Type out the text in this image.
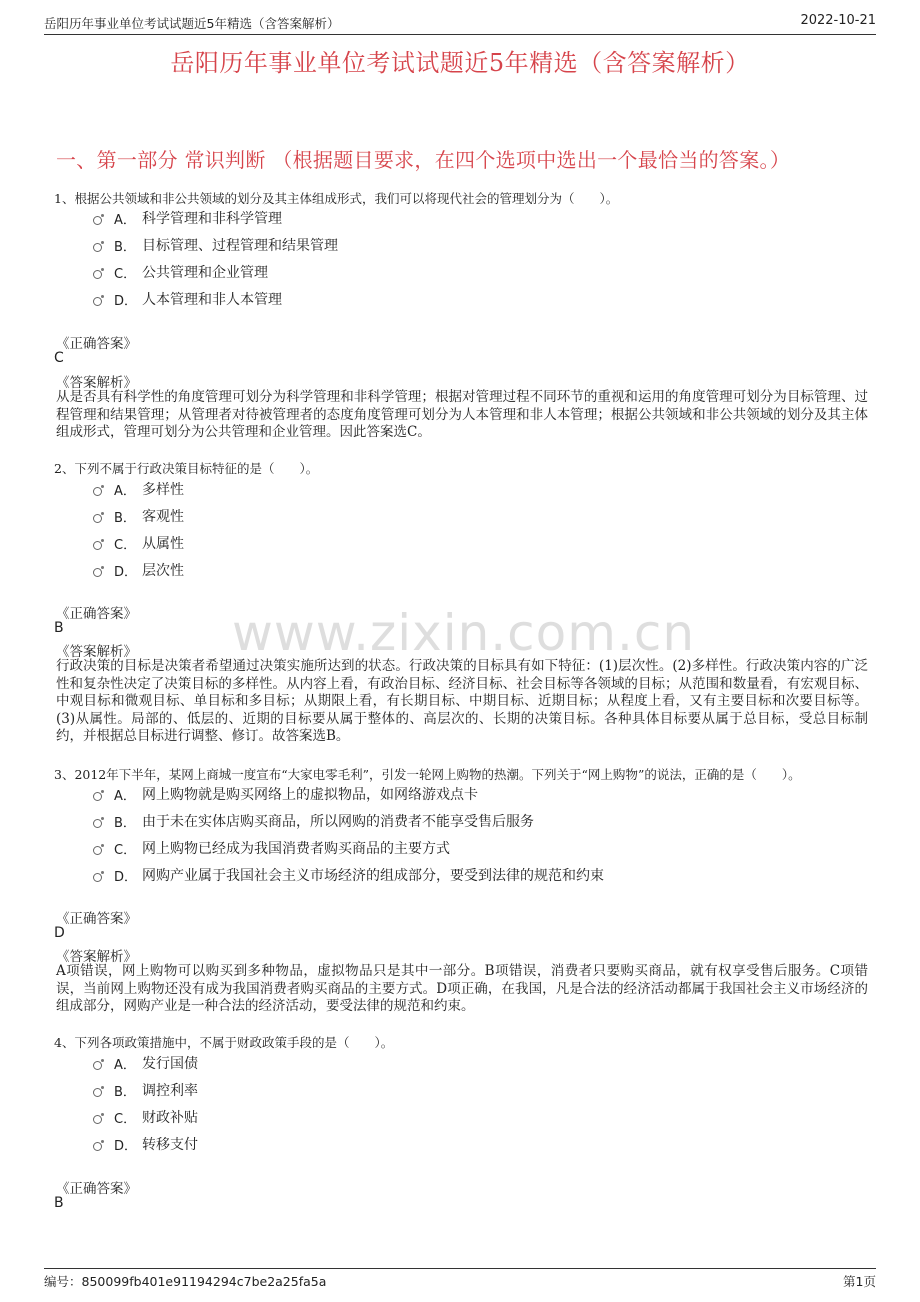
岳阳历年事业单位考试试题近5年精选（含答案解析）	2022-10-21
岳阳历年事业单位考试试题近5年精选（含答案解析）
一、第一部分 常识判断 （根据题目要求，在四个选项中选出一个最恰当的答案。）
www.zixin.com.cn
1、根据公共领域和非公共领域的划分及其主体组成形式，我们可以将现代社会的管理划分为（　　）。
A． 科学管理和非科学管理
B． 目标管理、过程管理和结果管理
C． 公共管理和企业管理
D． 人本管理和非人本管理
《正确答案》
C
《答案解析》
从是否具有科学性的角度管理可划分为科学管理和非科学管理；根据对管理过程不同环节的重视和运用的角度管理可划分为目标管理、过程管理和结果管理；从管理者对待被管理者的态度角度管理可划分为人本管理和非人本管理；根据公共领域和非公共领域的划分及其主体组成形式，管理可划分为公共管理和企业管理。因此答案选C。
2、下列不属于行政决策目标特征的是（　　）。
A． 多样性
B． 客观性
C． 从属性
D． 层次性
《正确答案》
B
《答案解析》
行政决策的目标是决策者希望通过决策实施所达到的状态。行政决策的目标具有如下特征：(1)层次性。(2)多样性。行政决策内容的广泛性和复杂性决定了决策目标的多样性。从内容上看，有政治目标、经济目标、社会目标等各领域的目标；从范围和数量看，有宏观目标、中观目标和微观目标、单目标和多目标；从期限上看，有长期目标、中期目标、近期目标；从程度上看，又有主要目标和次要目标等。(3)从属性。局部的、低层的、近期的目标要从属于整体的、高层次的、长期的决策目标。各种具体目标要从属于总目标，受总目标制约，并根据总目标进行调整、修订。故答案选B。
3、2012年下半年，某网上商城一度宣布“大家电零毛利”，引发一轮网上购物的热潮。下列关于“网上购物”的说法，正确的是（　　）。
A． 网上购物就是购买网络上的虚拟物品，如网络游戏点卡
B． 由于未在实体店购买商品，所以网购的消费者不能享受售后服务
C． 网上购物已经成为我国消费者购买商品的主要方式
D． 网购产业属于我国社会主义市场经济的组成部分，要受到法律的规范和约束
《正确答案》
D
《答案解析》
A项错误，网上购物可以购买到多种物品，虚拟物品只是其中一部分。B项错误，消费者只要购买商品，就有权享受售后服务。C项错误，当前网上购物还没有成为我国消费者购买商品的主要方式。D项正确，在我国，凡是合法的经济活动都属于我国社会主义市场经济的组成部分，网购产业是一种合法的经济活动，要受法律的规范和约束。
4、下列各项政策措施中，不属于财政政策手段的是（　　）。
A． 发行国债
B． 调控利率
C． 财政补贴
D． 转移支付
《正确答案》
B
编号：850099fb401e91194294c7be2a25fa5a	第1页
